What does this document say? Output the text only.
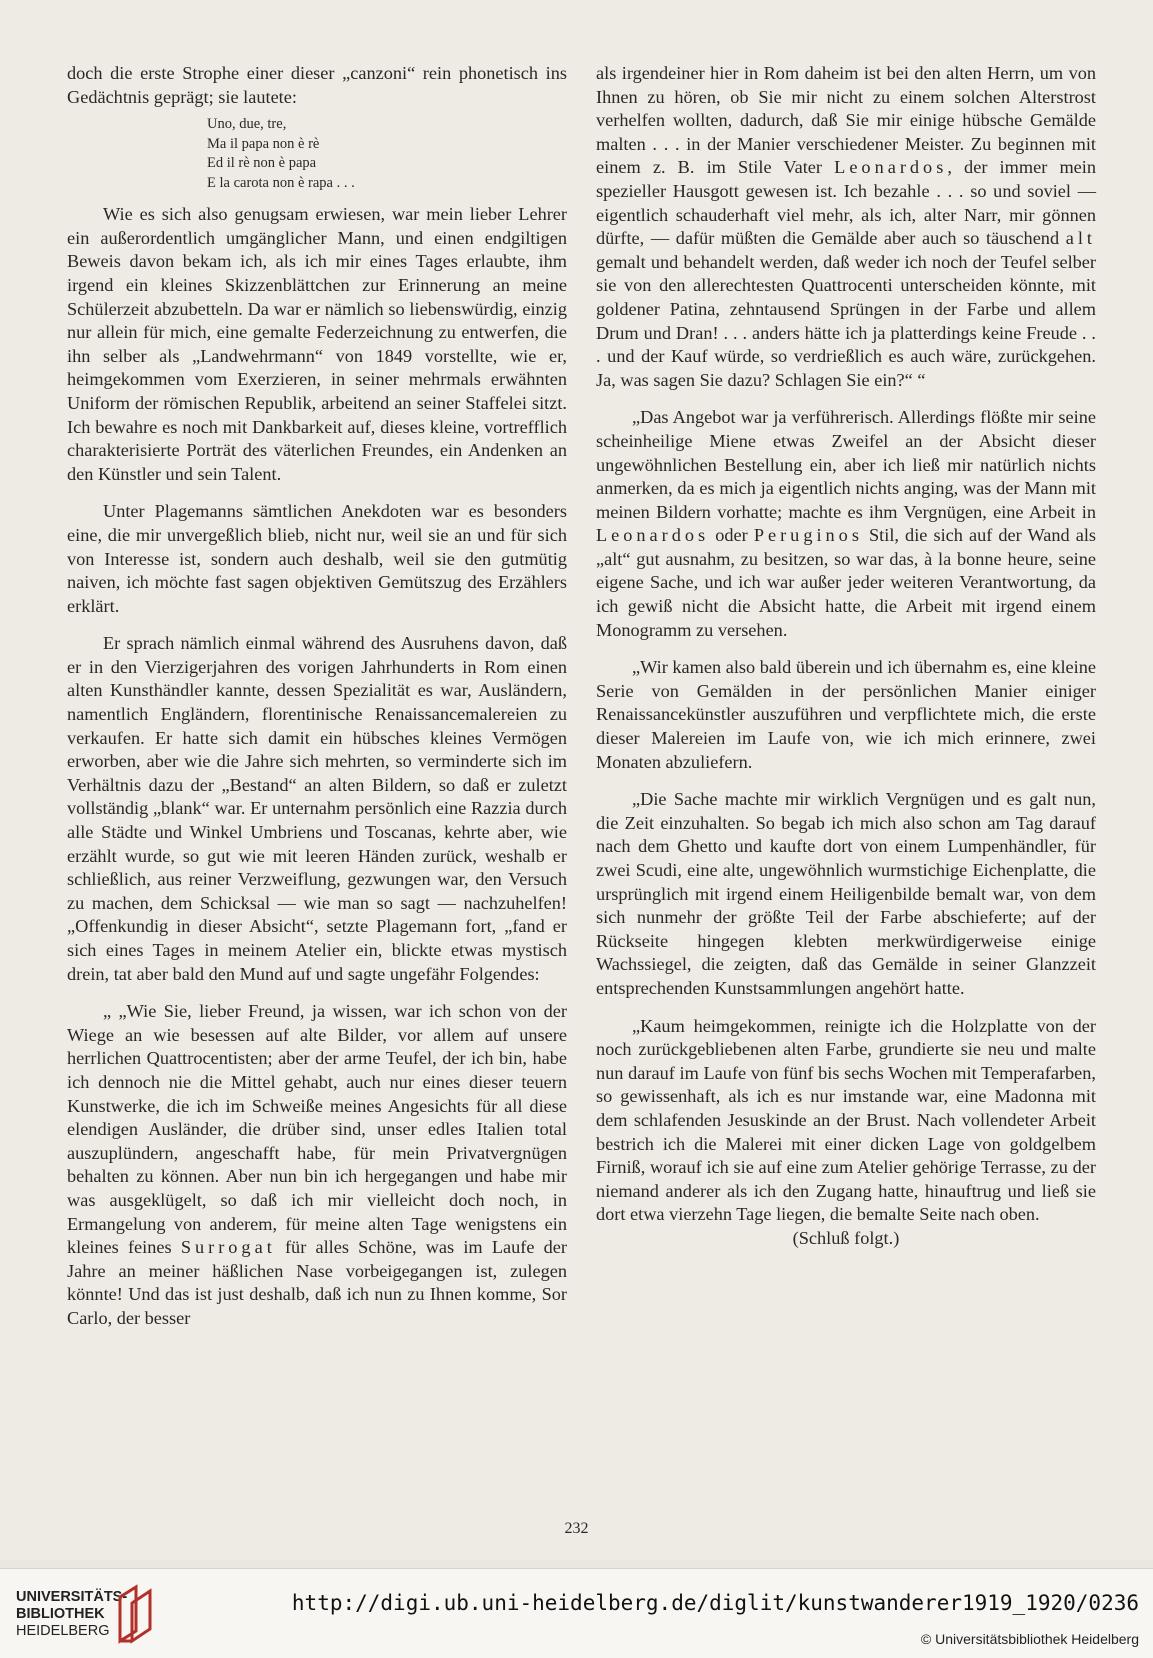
doch die erste Strophe einer dieser „canzoni“ rein phonetisch ins Gedächtnis geprägt; sie lautete:

Uno, due, tre,
Ma il papa non è rè
Ed il rè non è papa
E la carota non è rapa . . .

Wie es sich also genugsam erwiesen, war mein lieber Lehrer ein außerordentlich umgänglicher Mann, und einen endgiltigen Beweis davon bekam ich, als ich mir eines Tages erlaubte, ihm irgend ein kleines Skizzenblättchen zur Erinnerung an meine Schülerzeit abzubetteln. Da war er nämlich so liebenswürdig, einzig nur allein für mich, eine gemalte Federzeichnung zu entwerfen, die ihn selber als „Landwehrmann“ von 1849 vorstellte, wie er, heimgekommen vom Exerzieren, in seiner mehrmals erwähnten Uniform der römischen Republik, arbeitend an seiner Staffelei sitzt. Ich bewahre es noch mit Dankbarkeit auf, dieses kleine, vortrefflich charakterisierte Porträt des väterlichen Freundes, ein Andenken an den Künstler und sein Talent.

Unter Plagemanns sämtlichen Anekdoten war es besonders eine, die mir unvergeßlich blieb, nicht nur, weil sie an und für sich von Interesse ist, sondern auch deshalb, weil sie den gutmütig naiven, ich möchte fast sagen objektiven Gemütszug des Erzählers erklärt.

Er sprach nämlich einmal während des Ausruhens davon, daß er in den Vierzigerjahren des vorigen Jahrhunderts in Rom einen alten Kunsthändler kannte, dessen Spezialität es war, Ausländern, namentlich Engländern, florentinische Renaissancemalereien zu verkaufen. Er hatte sich damit ein hübsches kleines Vermögen erworben, aber wie die Jahre sich mehrten, so verminderte sich im Verhältnis dazu der „Bestand“ an alten Bildern, so daß er zuletzt vollständig „blank“ war. Er unternahm persönlich eine Razzia durch alle Städte und Winkel Umbriens und Toscanas, kehrte aber, wie erzählt wurde, so gut wie mit leeren Händen zurück, weshalb er schließlich, aus reiner Verzweiflung, gezwungen war, den Versuch zu machen, dem Schicksal — wie man so sagt — nachzuhelfen! „Offenkundig in dieser Absicht“, setzte Plagemann fort, „fand er sich eines Tages in meinem Atelier ein, blickte etwas mystisch drein, tat aber bald den Mund auf und sagte ungefähr Folgendes:

„ „Wie Sie, lieber Freund, ja wissen, war ich schon von der Wiege an wie besessen auf alte Bilder, vor allem auf unsere herrlichen Quattrocentisten; aber der arme Teufel, der ich bin, habe ich dennoch nie die Mittel gehabt, auch nur eines dieser teuern Kunstwerke, die ich im Schweiße meines Angesichts für all diese elendigen Ausländer, die drüber sind, unser edles Italien total auszuplündern, angeschafft habe, für mein Privatvergnügen behalten zu können. Aber nun bin ich hergegangen und habe mir was ausgeklügelt, so daß ich mir vielleicht doch noch, in Ermangelung von anderem, für meine alten Tage wenigstens ein kleines feines Surrogat für alles Schöne, was im Laufe der Jahre an meiner häßlichen Nase vorbeigegangen ist, zulegen könnte! Und das ist just deshalb, daß ich nun zu Ihnen komme, Sor Carlo, der besser

als irgendeiner hier in Rom daheim ist bei den alten Herrn, um von Ihnen zu hören, ob Sie mir nicht zu einem solchen Alterstrost verhelfen wollten, dadurch, daß Sie mir einige hübsche Gemälde malten . . . in der Manier verschiedener Meister. Zu beginnen mit einem z. B. im Stile Vater Leonardos, der immer mein spezieller Hausgott gewesen ist. Ich bezahle . . . so und soviel — eigentlich schauderhaft viel mehr, als ich, alter Narr, mir gönnen dürfte, — dafür müßten die Gemälde aber auch so täuschend alt gemalt und behandelt werden, daß weder ich noch der Teufel selber sie von den allerechtesten Quattrocenti unterscheiden könnte, mit goldener Patina, zehntausend Sprüngen in der Farbe und allem Drum und Dran! . . . anders hätte ich ja platterdings keine Freude . . . und der Kauf würde, so verdrießlich es auch wäre, zurückgehen. Ja, was sagen Sie dazu? Schlagen Sie ein?“ “

„Das Angebot war ja verführerisch. Allerdings flößte mir seine scheinheilige Miene etwas Zweifel an der Absicht dieser ungewöhnlichen Bestellung ein, aber ich ließ mir natürlich nichts anmerken, da es mich ja eigentlich nichts anging, was der Mann mit meinen Bildern vorhatte; machte es ihm Vergnügen, eine Arbeit in Leonardos oder Peruginos Stil, die sich auf der Wand als „alt“ gut ausnahm, zu besitzen, so war das, à la bonne heure, seine eigene Sache, und ich war außer jeder weiteren Verantwortung, da ich gewiß nicht die Absicht hatte, die Arbeit mit irgend einem Monogramm zu versehen.

„Wir kamen also bald überein und ich übernahm es, eine kleine Serie von Gemälden in der persönlichen Manier einiger Renaissancekünstler auszuführen und verpflichtete mich, die erste dieser Malereien im Laufe von, wie ich mich erinnere, zwei Monaten abzuliefern.

„Die Sache machte mir wirklich Vergnügen und es galt nun, die Zeit einzuhalten. So begab ich mich also schon am Tag darauf nach dem Ghetto und kaufte dort von einem Lumpenhändler, für zwei Scudi, eine alte, ungewöhnlich wurmstichige Eichenplatte, die ursprünglich mit irgend einem Heiligenbilde bemalt war, von dem sich nunmehr der größte Teil der Farbe abschieferte; auf der Rückseite hingegen klebten merkwürdigerweise einige Wachssiegel, die zeigten, daß das Gemälde in seiner Glanzzeit entsprechenden Kunstsammlungen angehört hatte.

„Kaum heimgekommen, reinigte ich die Holzplatte von der noch zurückgebliebenen alten Farbe, grundierte sie neu und malte nun darauf im Laufe von fünf bis sechs Wochen mit Temperafarben, so gewissenhaft, als ich es nur imstande war, eine Madonna mit dem schlafenden Jesuskinde an der Brust. Nach vollendeter Arbeit bestrich ich die Malerei mit einer dicken Lage von goldgelbem Firniß, worauf ich sie auf eine zum Atelier gehörige Terrasse, zu der niemand anderer als ich den Zugang hatte, hinauftrug und ließ sie dort etwa vierzehn Tage liegen, die bemalte Seite nach oben.

(Schluß folgt.)

232
UNIVERSITÄTS-
BIBLIOTHEK
HEIDELBERG
http://digi.ub.uni-heidelberg.de/diglit/kunstwanderer1919_1920/0236
© Universitätsbibliothek Heidelberg
